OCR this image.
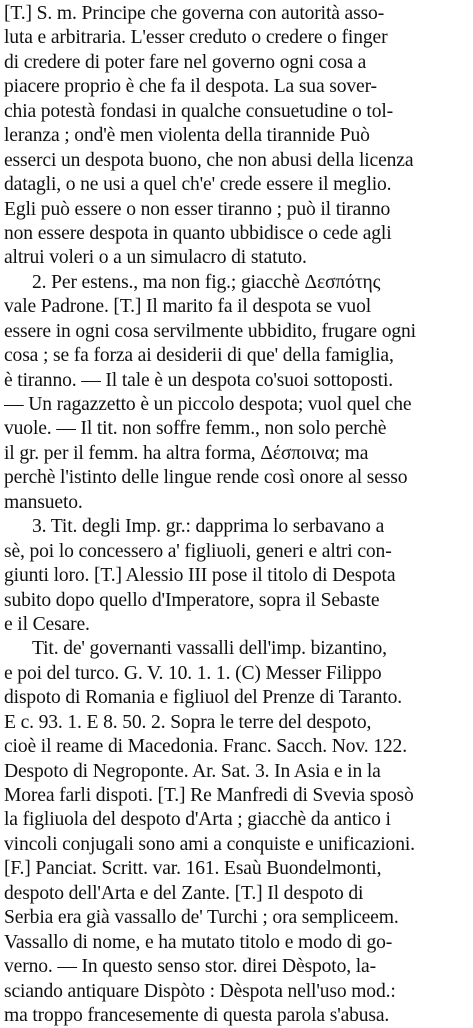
[T.] S. m. Principe che governa con autorità asso-
luta e arbitraria. L'esser creduto o credere o finger
di credere di poter fare nel governo ogni cosa a
piacere proprio è che fa il despota. La sua sover-
chia potestà fondasi in qualche consuetudine o tol-
leranza ; ond'è men violenta della tirannide Può
esserci un despota buono, che non abusi della licenza
datagli, o ne usi a quel ch'e' crede essere il meglio.
Egli può essere o non esser tiranno ; può il tiranno
non essere despota in quanto ubbidisce o cede agli
altrui voleri o a un simulacro di statuto.
2. Per estens., ma non fig.; giacchè Δεσπότης
vale Padrone. [T.] Il marito fa il despota se vuol
essere in ogni cosa servilmente ubbidito, frugare ogni
cosa ; se fa forza ai desiderii di que' della famiglia,
è tiranno. — Il tale è un despota co'suoi sottoposti.
— Un ragazzetto è un piccolo despota; vuol quel che
vuole. — Il tit. non soffre femm., non solo perchè
il gr. per il femm. ha altra forma, Δέσποινα; ma
perchè l'istinto delle lingue rende così onore al sesso
mansueto.
3. Tit. degli Imp. gr.: dapprima lo serbavano a
sè, poi lo concessero a' figliuoli, generi e altri con-
giunti loro. [T.] Alessio III pose il titolo di Despota
subito dopo quello d'Imperatore, sopra il Sebaste
e il Cesare.
Tit. de' governanti vassalli dell'imp. bizantino,
e poi del turco. G. V. 10. 1. 1. (C) Messer Filippo
dispoto di Romania e figliuol del Prenze di Taranto.
E c. 93. 1. E 8. 50. 2. Sopra le terre del despoto,
cioè il reame di Macedonia. Franc. Sacch. Nov. 122.
Despoto di Negroponte. Ar. Sat. 3. In Asia e in la
Morea farli dispoti. [T.] Re Manfredi di Svevia sposò
la figliuola del despoto d'Arta ; giacchè da antico i
vincoli conjugali sono ami a conquiste e unificazioni.
[F.] Panciat. Scritt. var. 161. Esaù Buondelmonti,
despoto dell'Arta e del Zante. [T.] Il despoto di
Serbia era già vassallo de' Turchi ; ora sempliceem.
Vassallo di nome, e ha mutato titolo e modo di go-
verno. — In questo senso stor. direi Dèspoto, la-
sciando antiquare Dispòto : Dèspota nell'uso mod.:
ma troppo francesemente di questa parola s'abusa.
